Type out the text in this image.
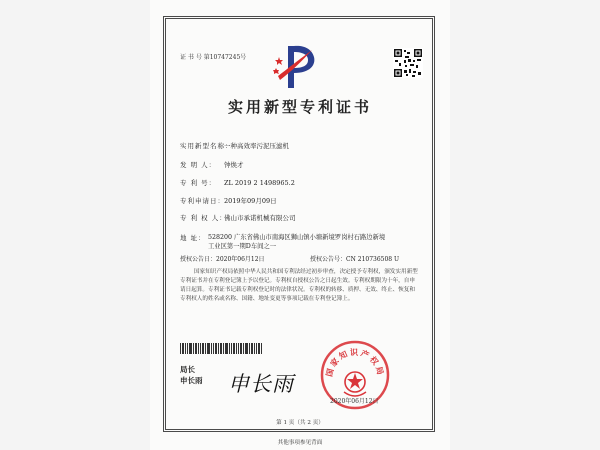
证 书 号 第10747245号
实用新型专利证书
实用新型名称：一种高效率污泥压滤机
发 明 人： 钟焕才
专 利 号： ZL 2019 2 1498965.2
专利申请日：2019年09月09日
专 利 权 人：佛山市承诺机械有限公司
地 址： 528200 广东省佛山市南海区狮山镇小塘新境罗岗村石路边新境工业区第一期D车间之一
授权公告日：2020年06月12日	授权公告号：CN 210736508 U
国家知识产权局依照中华人民共和国专利法经过初步审查，决定授予专利权，颁发实用新型专利证书并在专利登记簿上予以登记。专利权自授权公告之日起生效。专利权期限为十年，自申请日起算。专利证书记载专利权登记时的法律状况。专利权的转移、质押、无效、终止、恢复和专利权人的姓名或名称、国籍、地址变更等事项记载在专利登记簿上。
局长
申长雨 申长雨
国家知识产权局
2020年06月12日
第 1 页（共 2 页）
其他事项参见背面
